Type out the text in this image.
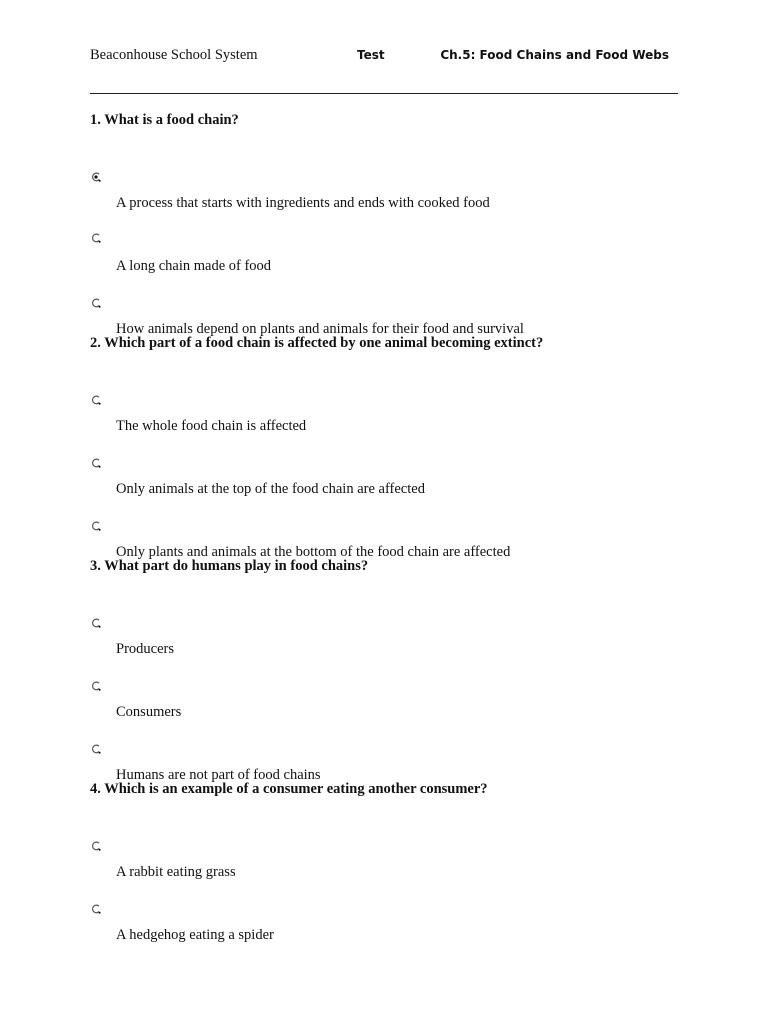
Beaconhouse School System	Test	Ch.5: Food Chains and Food Webs
1. What is a food chain?
A process that starts with ingredients and ends with cooked food
A long chain made of food
How animals depend on plants and animals for their food and survival
2. Which part of a food chain is affected by one animal becoming extinct?
The whole food chain is affected
Only animals at the top of the food chain are affected
Only plants and animals at the bottom of the food chain are affected
3. What part do humans play in food chains?
Producers
Consumers
Humans are not part of food chains
4. Which is an example of a consumer eating another consumer?
A rabbit eating grass
A hedgehog eating a spider
